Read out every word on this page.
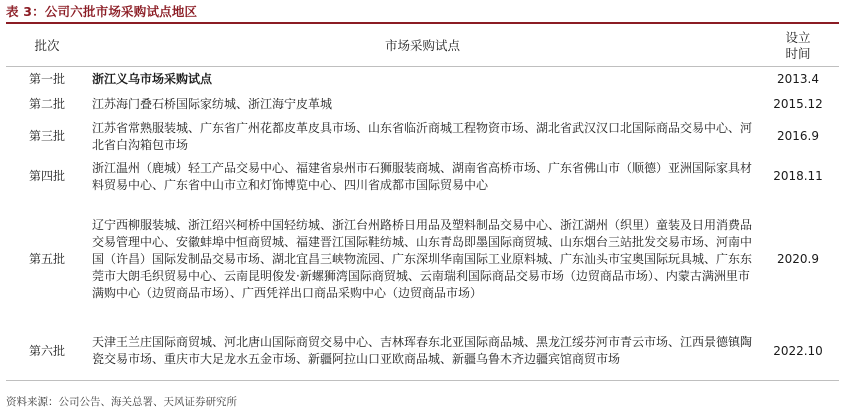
表 3：公司六批市场采购试点地区
批次	市场采购试点	设立
时间
第一批	浙江义乌市场采购试点	2013.4
第二批	江苏海门叠石桥国际家纺城、浙江海宁皮革城	2015.12
第三批	江苏省常熟服装城、广东省广州花都皮革皮具市场、山东省临沂商城工程物资市场、湖北省武汉汉口北国际商品交易中心、河北省白沟箱包市场	2016.9
第四批	浙江温州（鹿城）轻工产品交易中心、福建省泉州市石狮服装商城、湖南省高桥市场、广东省佛山市（顺德）亚洲国际家具材料贸易中心、广东省中山市立和灯饰博览中心、四川省成都市国际贸易中心	2018.11
第五批	辽宁西柳服装城、浙江绍兴柯桥中国轻纺城、浙江台州路桥日用品及塑料制品交易中心、浙江湖州（织里）童装及日用消费品交易管理中心、安徽蚌埠中恒商贸城、福建晋江国际鞋纺城、山东青岛即墨国际商贸城、山东烟台三站批发交易市场、河南中国（许昌）国际发制品交易市场、湖北宜昌三峡物流园、广东深圳华南国际工业原料城、广东汕头市宝奥国际玩具城、广东东莞市大朗毛织贸易中心、云南昆明俊发·新螺狮湾国际商贸城、云南瑞利国际商品交易市场（边贸商品市场）、内蒙古满洲里市满购中心（边贸商品市场）、广西凭祥出口商品采购中心（边贸商品市场）	2020.9
第六批	天津王兰庄国际商贸城、河北唐山国际商贸交易中心、吉林珲春东北亚国际商品城、黑龙江绥芬河市青云市场、江西景德镇陶瓷交易市场、重庆市大足龙水五金市场、新疆阿拉山口亚欧商品城、新疆乌鲁木齐边疆宾馆商贸市场	2022.10
资料来源：公司公告、海关总署、天风证券研究所
